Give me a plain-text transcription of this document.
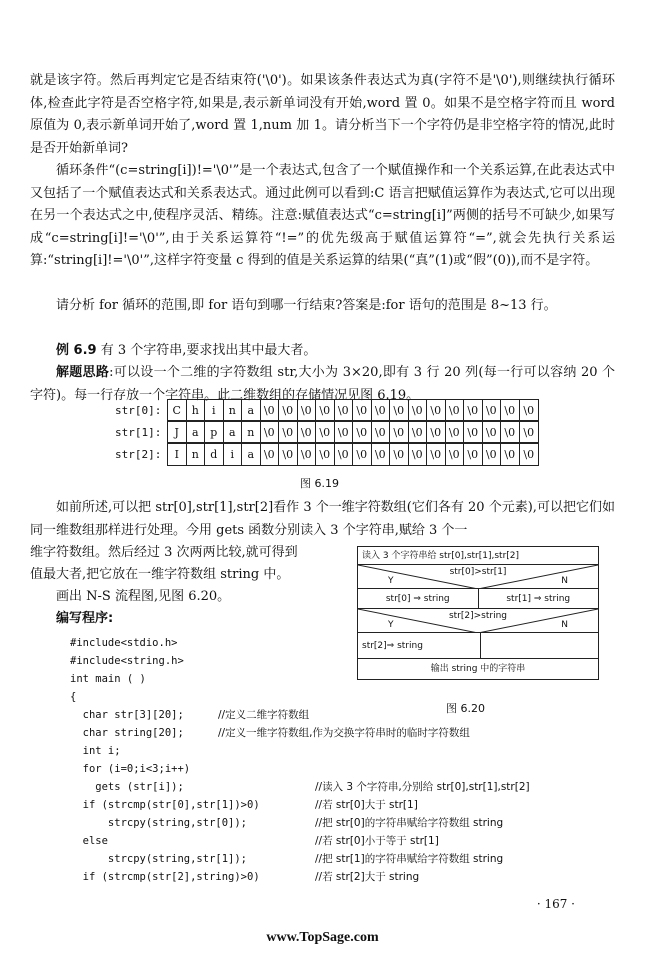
就是该字符。然后再判定它是否结束符('\0')。如果该条件表达式为真(字符不是'\0'),则继续执行循环体,检查此字符是否空格字符,如果是,表示新单词没有开始,word 置 0。如果不是空格字符而且 word 原值为 0,表示新单词开始了,word 置 1,num 加 1。请分析当下一个字符仍是非空格字符的情况,此时是否开始新单词?

循环条件“(c=string[i])!='\0'”是一个表达式,包含了一个赋值操作和一个关系运算,在此表达式中又包括了一个赋值表达式和关系表达式。通过此例可以看到:C 语言把赋值运算作为表达式,它可以出现在另一个表达式之中,使程序灵活、精练。注意:赋值表达式“c=string[i]”两侧的括号不可缺少,如果写成“c=string[i]!='\0'”,由于关系运算符“!=”的优先级高于赋值运算符“=”,就会先执行关系运算:“string[i]!='\0'”,这样字符变量 c 得到的值是关系运算的结果(“真”(1)或“假”(0)),而不是字符。

请分析 for 循环的范围,即 for 语句到哪一行结束?答案是:for 语句的范围是 8~13 行。

例 6.9 有 3 个字符串,要求找出其中最大者。

解题思路:可以设一个二维的字符数组 str,大小为 3×20,即有 3 行 20 列(每一行可以容纳 20 个字符)。每一行存放一个字符串。此二维数组的存储情况见图 6.19。

str[0]:	C h	i	n	a \0 \0 \0 \0 \0 \0 \0 \0 \0 \0 \0 \0 \0 \0 \0
str[1]:	J	a	p	a	n \0 \0 \0 \0 \0 \0 \0 \0 \0 \0 \0 \0 \0 \0 \0
str[2]:	I	n	d	i	a \0 \0 \0 \0 \0 \0 \0 \0 \0 \0 \0 \0 \0 \0 \0
图 6.19

如前所述,可以把 str[0],str[1],str[2]看作 3 个一维字符数组(它们各有 20 个元素),可以把它们如同一维数组那样进行处理。今用 gets 函数分别读入 3 个字符串,赋给 3 个一

维字符数组。然后经过 3 次两两比较,就可得到
值最大者,把它放在一维字符数组 string 中。
画出 N-S 流程图,见图 6.20。
编写程序:
读入 3 个字符串给 str[0],str[1],str[2]
str[0]>str[1]
Y	N
str[0] ⇒ string	str[1] ⇒ string
str[2]>string
Y	N
str[2]⇒ string
输出 string 中的字符串
图 6.20
#include<stdio.h>
#include<string.h>
int main ( )
{
char str[3][20];	//定义二维字符数组
char string[20];	//定义一维字符数组,作为交换字符串时的临时字符数组
int i;
for (i=0;i<3;i++)
gets (str[i]);	//读入 3 个字符串,分别给 str[0],str[1],str[2]
if (strcmp(str[0],str[1])>0)	//若 str[0]大于 str[1]
strcpy(string,str[0]);	//把 str[0]的字符串赋给字符数组 string
else	//若 str[0]小于等于 str[1]
strcpy(string,str[1]);	//把 str[1]的字符串赋给字符数组 string
if (strcmp(str[2],string)>0)	//若 str[2]大于 string
· 167 ·
www.TopSage.com
